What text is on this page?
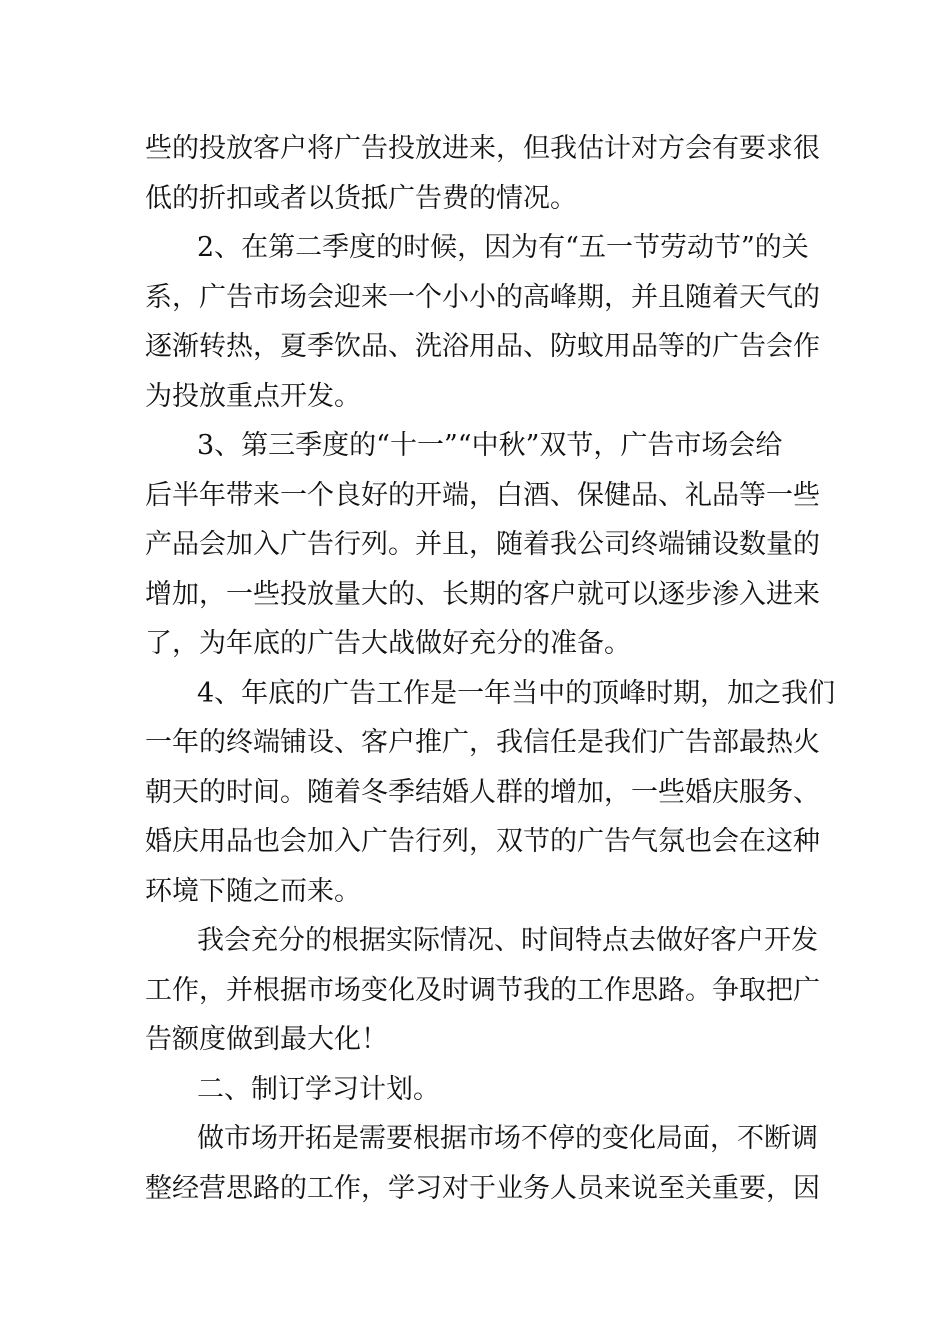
些的投放客户将广告投放进来，但我估计对方会有要求很
低的折扣或者以货抵广告费的情况。
2、在第二季度的时候，因为有“五一节劳动节”的关
系，广告市场会迎来一个小小的高峰期，并且随着天气的
逐渐转热，夏季饮品、洗浴用品、防蚊用品等的广告会作
为投放重点开发。
3、第三季度的“十一”“中秋”双节，广告市场会给
后半年带来一个良好的开端，白酒、保健品、礼品等一些
产品会加入广告行列。并且，随着我公司终端铺设数量的
增加，一些投放量大的、长期的客户就可以逐步渗入进来
了，为年底的广告大战做好充分的准备。
4、年底的广告工作是一年当中的顶峰时期，加之我们
一年的终端铺设、客户推广，我信任是我们广告部最热火
朝天的时间。随着冬季结婚人群的增加，一些婚庆服务、
婚庆用品也会加入广告行列，双节的广告气氛也会在这种
环境下随之而来。
我会充分的根据实际情况、时间特点去做好客户开发
工作，并根据市场变化及时调节我的工作思路。争取把广
告额度做到最大化！
二、制订学习计划。
做市场开拓是需要根据市场不停的变化局面，不断调
整经营思路的工作，学习对于业务人员来说至关重要，因
